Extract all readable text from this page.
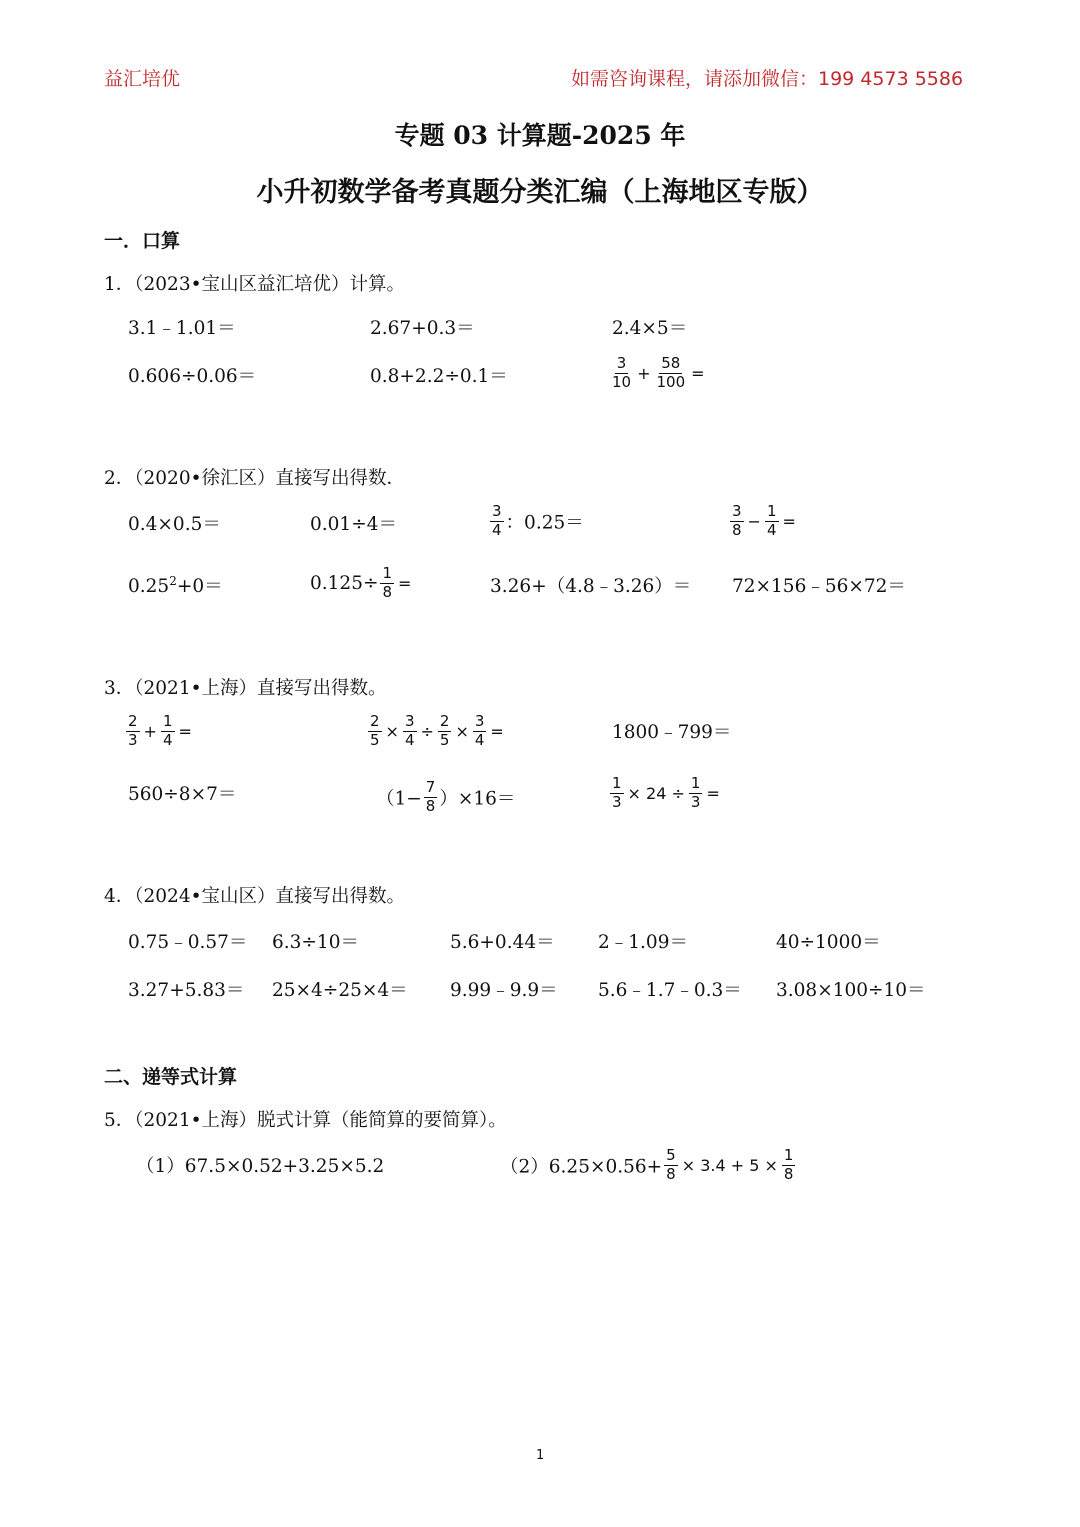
益汇培优	如需咨询课程，请添加微信：199 4573 5586
专题 03 计算题-2025 年
小升初数学备考真题分类汇编（上海地区专版）
一．口算
1．（2023•宝山区益汇培优）计算。
3.1﹣1.01＝	2.67+0.3＝	2.4×5＝
0.606÷0.06＝	0.8+2.2÷0.1＝	$\frac{3}{10} + \frac{58}{100}$ =
2．（2020•徐汇区）直接写出得数．
0.4×0.5＝	0.01÷4＝	$\frac{3}{4}$ ：0.25＝	$\frac{3}{8} - \frac{1}{4}$ =
$0.25^2+0=$	$0.125\div \frac{1}{8}$ =	3.26+（4.8﹣3.26）＝ 72×156﹣56×72＝
3．（2021•上海）直接写出得数。
$\frac{2}{3} + \frac{1}{4}$ =	$\frac{2}{5} \times \frac{3}{4} \div \frac{2}{5} \times \frac{3}{4}$ =	1800﹣799＝
560÷8×7＝	$(1- \frac{7}{8} )\times 16=$	$\frac{1}{3} \times 24 \div \frac{1}{3}$ =
4．（2024•宝山区）直接写出得数。
0.75﹣0.57＝ 6.3÷10＝	5.6+0.44＝ 2﹣1.09＝	40÷1000＝
3.27+5.83＝ 25×4÷25×4＝ 9.99﹣9.9＝ 5.6﹣1.7﹣0.3＝ 3.08×100÷10＝
二、递等式计算
5．（2021•上海）脱式计算（能简算的要简算）。
（1）67.5×0.52+3.25×5.2	$(2)6.25\times 0.56+ \frac{5}{8} \times 3.4 + 5 \times \frac{1}{8}$
1
